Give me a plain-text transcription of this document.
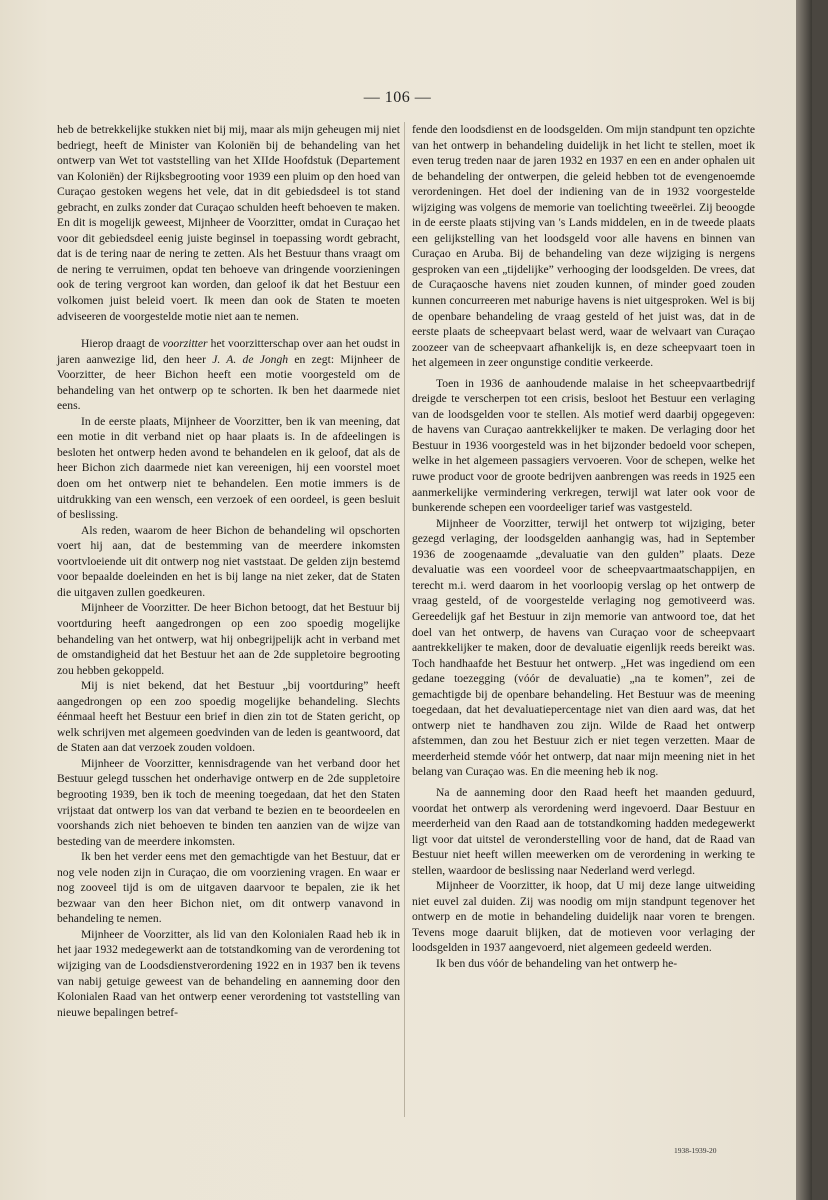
— 106 —

heb de betrekkelijke stukken niet bij mij, maar als mijn geheugen mij niet bedriegt, heeft de Minister van Koloniën bij de behandeling van het ontwerp van Wet tot vaststelling van het XIIde Hoofdstuk (Departement van Koloniën) der Rijksbegrooting voor 1939 een pluim op den hoed van Curaçao gestoken wegens het vele, dat in dit gebiedsdeel is tot stand gebracht, en zulks zonder dat Curaçao schulden heeft behoeven te maken. En dit is mogelijk geweest, Mijnheer de Voorzitter, omdat in Curaçao het voor dit gebiedsdeel eenig juiste beginsel in toepassing wordt gebracht, dat is de tering naar de nering te zetten. Als het Bestuur thans vraagt om de nering te verruimen, opdat ten behoeve van dringende voorzieningen ook de tering vergroot kan worden, dan geloof ik dat het Bestuur een volkomen juist beleid voert. Ik meen dan ook de Staten te moeten adviseeren de voorgestelde motie niet aan te nemen.

Hierop draagt de voorzitter het voorzitterschap over aan het oudst in jaren aanwezige lid, den heer J. A. de Jongh en zegt: Mijnheer de Voorzitter, de heer Bichon heeft een motie voorgesteld om de behandeling van het ontwerp op te schorten. Ik ben het daarmede niet eens.

In de eerste plaats, Mijnheer de Voorzitter, ben ik van meening, dat een motie in dit verband niet op haar plaats is. In de afdeelingen is besloten het ontwerp heden avond te behandelen en ik geloof, dat als de heer Bichon zich daarmede niet kan vereenigen, hij een voorstel moet doen om het ontwerp niet te behandelen. Een motie immers is de uitdrukking van een wensch, een verzoek of een oordeel, is geen besluit of beslissing.

Als reden, waarom de heer Bichon de behandeling wil opschorten voert hij aan, dat de bestemming van de meerdere inkomsten voortvloeiende uit dit ontwerp nog niet vaststaat. De gelden zijn bestemd voor bepaalde doeleinden en het is bij lange na niet zeker, dat de Staten die uitgaven zullen goedkeuren.

Mijnheer de Voorzitter. De heer Bichon betoogt, dat het Bestuur bij voortduring heeft aangedrongen op een zoo spoedig mogelijke behandeling van het ontwerp, wat hij onbegrijpelijk acht in verband met de omstandigheid dat het Bestuur het aan de 2de suppletoire begrooting zou hebben gekoppeld.

Mij is niet bekend, dat het Bestuur „bij voortduring” heeft aangedrongen op een zoo spoedig mogelijke behandeling. Slechts éénmaal heeft het Bestuur een brief in dien zin tot de Staten gericht, op welk schrijven met algemeen goedvinden van de leden is geantwoord, dat de Staten aan dat verzoek zouden voldoen.

Mijnheer de Voorzitter, kennisdragende van het verband door het Bestuur gelegd tusschen het onderhavige ontwerp en de 2de suppletoire begrooting 1939, ben ik toch de meening toegedaan, dat het den Staten vrijstaat dat ontwerp los van dat verband te bezien en te beoordeelen en voorshands zich niet behoeven te binden ten aanzien van de wijze van besteding van de meerdere inkomsten.

Ik ben het verder eens met den gemachtigde van het Bestuur, dat er nog vele noden zijn in Curaçao, die om voorziening vragen. En waar er nog zooveel tijd is om de uitgaven daarvoor te bepalen, zie ik het bezwaar van den heer Bichon niet, om dit ontwerp vanavond in behandeling te nemen.

Mijnheer de Voorzitter, als lid van den Kolonialen Raad heb ik in het jaar 1932 medegewerkt aan de totstandkoming van de verordening tot wijziging van de Loodsdienstverordening 1922 en in 1937 ben ik tevens van nabij getuige geweest van de behandeling en aanneming door den Kolonialen Raad van het ontwerp eener verordening tot vaststelling van nieuwe bepalingen betref-

fende den loodsdienst en de loodsgelden. Om mijn standpunt ten opzichte van het ontwerp in behandeling duidelijk in het licht te stellen, moet ik even terug treden naar de jaren 1932 en 1937 en een en ander ophalen uit de behandeling der ontwerpen, die geleid hebben tot de evengenoemde verordeningen. Het doel der indiening van de in 1932 voorgestelde wijziging was volgens de memorie van toelichting tweeërlei. Zij beoogde in de eerste plaats stijving van 's Lands middelen, en in de tweede plaats een gelijkstelling van het loodsgeld voor alle havens en binnen van Curaçao en Aruba. Bij de behandeling van deze wijziging is nergens gesproken van een „tijdelijke” verhooging der loodsgelden. De vrees, dat de Curaçaosche havens niet zouden kunnen, of minder goed zouden kunnen concurreeren met naburige havens is niet uitgesproken. Wel is bij de openbare behandeling de vraag gesteld of het juist was, dat in de eerste plaats de scheepvaart belast werd, waar de welvaart van Curaçao zoozeer van de scheepvaart afhankelijk is, en deze scheepvaart toen in het algemeen in zeer ongunstige conditie verkeerde.

Toen in 1936 de aanhoudende malaise in het scheepvaartbedrijf dreigde te verscherpen tot een crisis, besloot het Bestuur een verlaging van de loodsgelden voor te stellen. Als motief werd daarbij opgegeven: de havens van Curaçao aantrekkelijker te maken. De verlaging door het Bestuur in 1936 voorgesteld was in het bijzonder bedoeld voor schepen, welke in het algemeen passagiers vervoeren. Voor de schepen, welke het ruwe product voor de groote bedrijven aanbrengen was reeds in 1925 een aanmerkelijke vermindering verkregen, terwijl wat later ook voor de bunkerende schepen een voordeeliger tarief was vastgesteld.

Mijnheer de Voorzitter, terwijl het ontwerp tot wijziging, beter gezegd verlaging, der loodsgelden aanhangig was, had in September 1936 de zoogenaamde „devaluatie van den gulden” plaats. Deze devaluatie was een voordeel voor de scheepvaartmaatschappijen, en terecht m.i. werd daarom in het voorloopig verslag op het ontwerp de vraag gesteld, of de voorgestelde verlaging nog gemotiveerd was. Gereedelijk gaf het Bestuur in zijn memorie van antwoord toe, dat het doel van het ontwerp, de havens van Curaçao voor de scheepvaart aantrekkelijker te maken, door de devaluatie eigenlijk reeds bereikt was. Toch handhaafde het Bestuur het ontwerp. „Het was ingediend om een gedane toezegging (vóór de devaluatie) „na te komen”, zei de gemachtigde bij de openbare behandeling. Het Bestuur was de meening toegedaan, dat het devaluatiepercentage niet van dien aard was, dat het ontwerp niet te handhaven zou zijn. Wilde de Raad het ontwerp afstemmen, dan zou het Bestuur zich er niet tegen verzetten. Maar de meerderheid stemde vóór het ontwerp, dat naar mijn meening niet in het belang van Curaçao was. En die meening heb ik nog.

Na de aanneming door den Raad heeft het maanden geduurd, voordat het ontwerp als verordening werd ingevoerd. Daar Bestuur en meerderheid van den Raad aan de totstandkoming hadden medegewerkt ligt voor dat uitstel de veronderstelling voor de hand, dat de Raad van Bestuur niet heeft willen meewerken om de verordening in werking te stellen, waardoor de beslissing naar Nederland werd verlegd.

Mijnheer de Voorzitter, ik hoop, dat U mij deze lange uitweiding niet euvel zal duiden. Zij was noodig om mijn standpunt tegenover het ontwerp en de motie in behandeling duidelijk naar voren te brengen. Tevens moge daaruit blijken, dat de motieven voor verlaging der loodsgelden in 1937 aangevoerd, niet algemeen gedeeld werden.

Ik ben dus vóór de behandeling van het ontwerp he-

1938-1939-20
